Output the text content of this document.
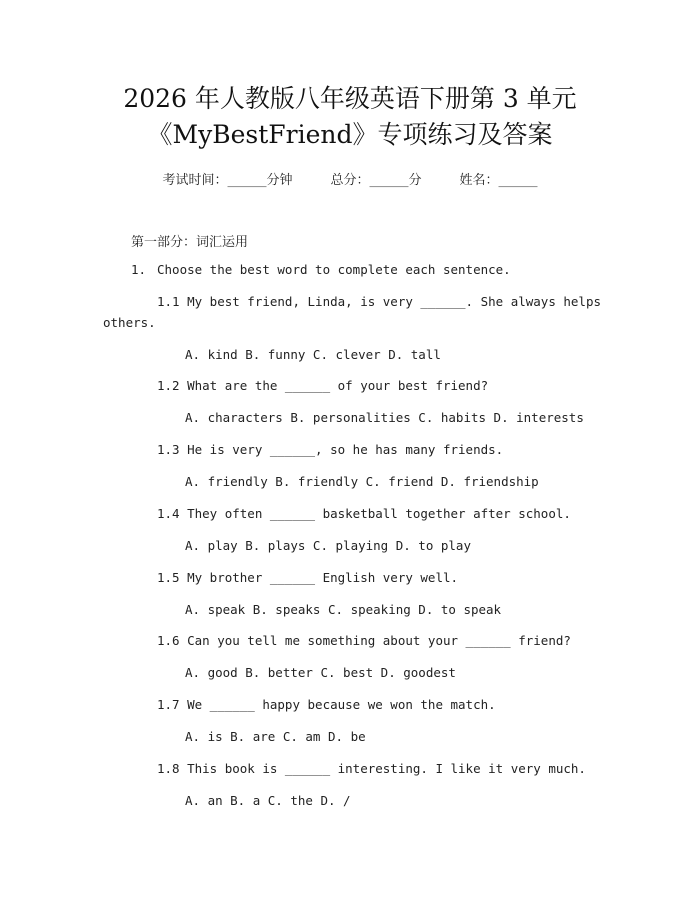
2026 年人教版八年级英语下册第 3 单元
《MyBestFriend》专项练习及答案
考试时间：______分钟	总分：______分	姓名：______
第一部分：词汇运用
1. Choose the best word to complete each sentence.
1.1 My best friend, Linda, is very ______. She always helps
others.
A. kind B. funny C. clever D. tall
1.2 What are the ______ of your best friend?
A. characters B. personalities C. habits D. interests
1.3 He is very ______, so he has many friends.
A. friendly B. friendly C. friend D. friendship
1.4 They often ______ basketball together after school.
A. play B. plays C. playing D. to play
1.5 My brother ______ English very well.
A. speak B. speaks C. speaking D. to speak
1.6 Can you tell me something about your ______ friend?
A. good B. better C. best D. goodest
1.7 We ______ happy because we won the match.
A. is B. are C. am D. be
1.8 This book is ______ interesting. I like it very much.
A. an B. a C. the D. /
